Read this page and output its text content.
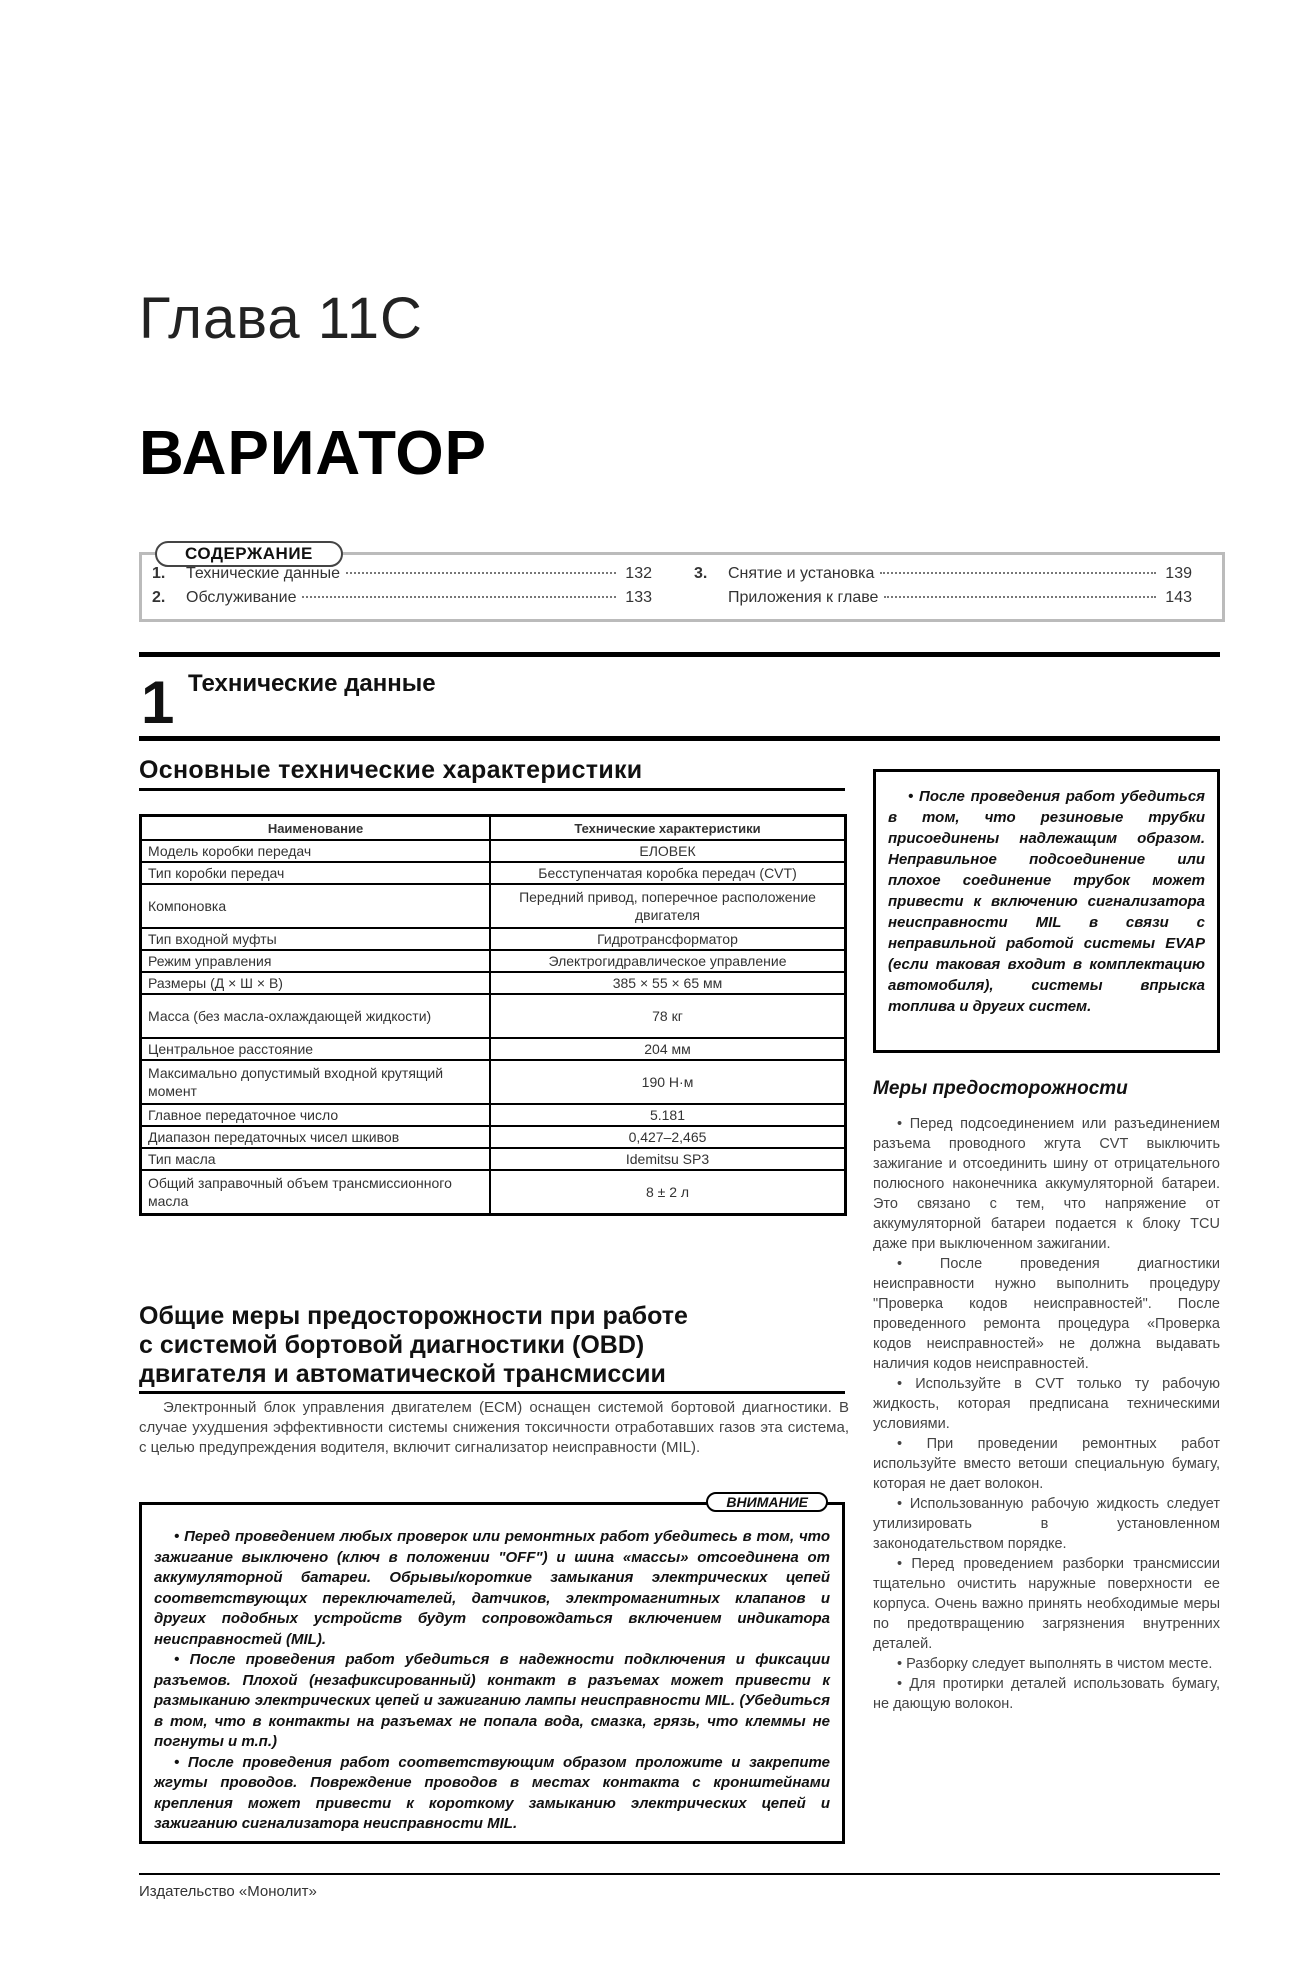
Глава 11С
ВАРИАТОР
СОДЕРЖАНИЕ
1.	Технические данные	132
2.	Обслуживание	133
3.	Снятие и установка	139
Приложения к главе	143
1 Технические данные
Основные технические характеристики
Наименование	Технические характеристики
Модель коробки передач	ЕЛОВЕК
Тип коробки передач	Бесступенчатая коробка передач (CVT)
Компоновка	Передний привод, поперечное расположение двигателя
Тип входной муфты	Гидротрансформатор
Режим управления	Электрогидравлическое управление
Размеры (Д × Ш × В)	385 × 55 × 65 мм
Масса (без масла-охлаждающей жидкости)	78 кг
Центральное расстояние	204 мм
Максимально допустимый входной крутящий момент	190 Н·м
Главное передаточное число	5.181
Диапазон передаточных чисел шкивов	0,427–2,465
Тип масла	Idemitsu SP3
Общий заправочный объем трансмиссионного масла	8 ± 2 л
Общие меры предосторожности при работе
с системой бортовой диагностики (OBD)
двигателя и автоматической трансмиссии
Электронный блок управления двигателем (ЕСМ) оснащен системой бортовой диагностики. В случае ухудшения эффективности системы снижения токсичности отработавших газов эта система, с целью предупреждения водителя, включит сигнализатор неисправности (MIL).
ВНИМАНИЕ

• Перед проведением любых проверок или ремонтных работ убедитесь в том, что зажигание выключено (ключ в положении "OFF") и шина «массы» отсоединена от аккумуляторной батареи. Обрывы/короткие замыкания электрических цепей соответствующих переключателей, датчиков, электромагнитных клапанов и других подобных устройств будут сопровождаться включением индикатора неисправностей (MIL).

• После проведения работ убедиться в надежности подключения и фиксации разъемов. Плохой (незафиксированный) контакт в разъемах может привести к размыканию электрических цепей и зажиганию лампы неисправности MIL. (Убедиться в том, что в контакты на разъемах не попала вода, смазка, грязь, что клеммы не погнуты и т.п.)

• После проведения работ соответствующим образом проложите и закрепите жгуты проводов. Повреждение проводов в местах контакта с кронштейнами крепления может привести к короткому замыканию электрических цепей и зажиганию сигнализатора неисправности MIL.

• После проведения работ убедиться в том, что резиновые трубки присоединены надлежащим образом. Неправильное подсоединение или плохое соединение трубок может привести к включению сигнализатора неисправности MIL в связи с неправильной работой системы EVAP (если таковая входит в комплектацию автомобиля), системы впрыска топлива и других систем.

Меры предосторожности

• Перед подсоединением или разъединением разъема проводного жгута CVT выключить зажигание и отсоединить шину от отрицательного полюсного наконечника аккумуляторной батареи. Это связано с тем, что напряжение от аккумуляторной батареи подается к блоку TCU даже при выключенном зажигании.

• После проведения диагностики неисправности нужно выполнить процедуру "Проверка кодов неисправностей". После проведенного ремонта процедура «Проверка кодов неисправностей» не должна выдавать наличия кодов неисправностей.

• Используйте в CVT только ту рабочую жидкость, которая предписана техническими условиями.

• При проведении ремонтных работ используйте вместо ветоши специальную бумагу, которая не дает волокон.

• Использованную рабочую жидкость следует утилизировать в установленном законодательством порядке.

• Перед проведением разборки трансмиссии тщательно очистить наружные поверхности ее корпуса. Очень важно принять необходимые меры по предотвращению загрязнения внутренних деталей.

• Разборку следует выполнять в чистом месте.

• Для протирки деталей использовать бумагу, не дающую волокон.

Издательство «Монолит»
